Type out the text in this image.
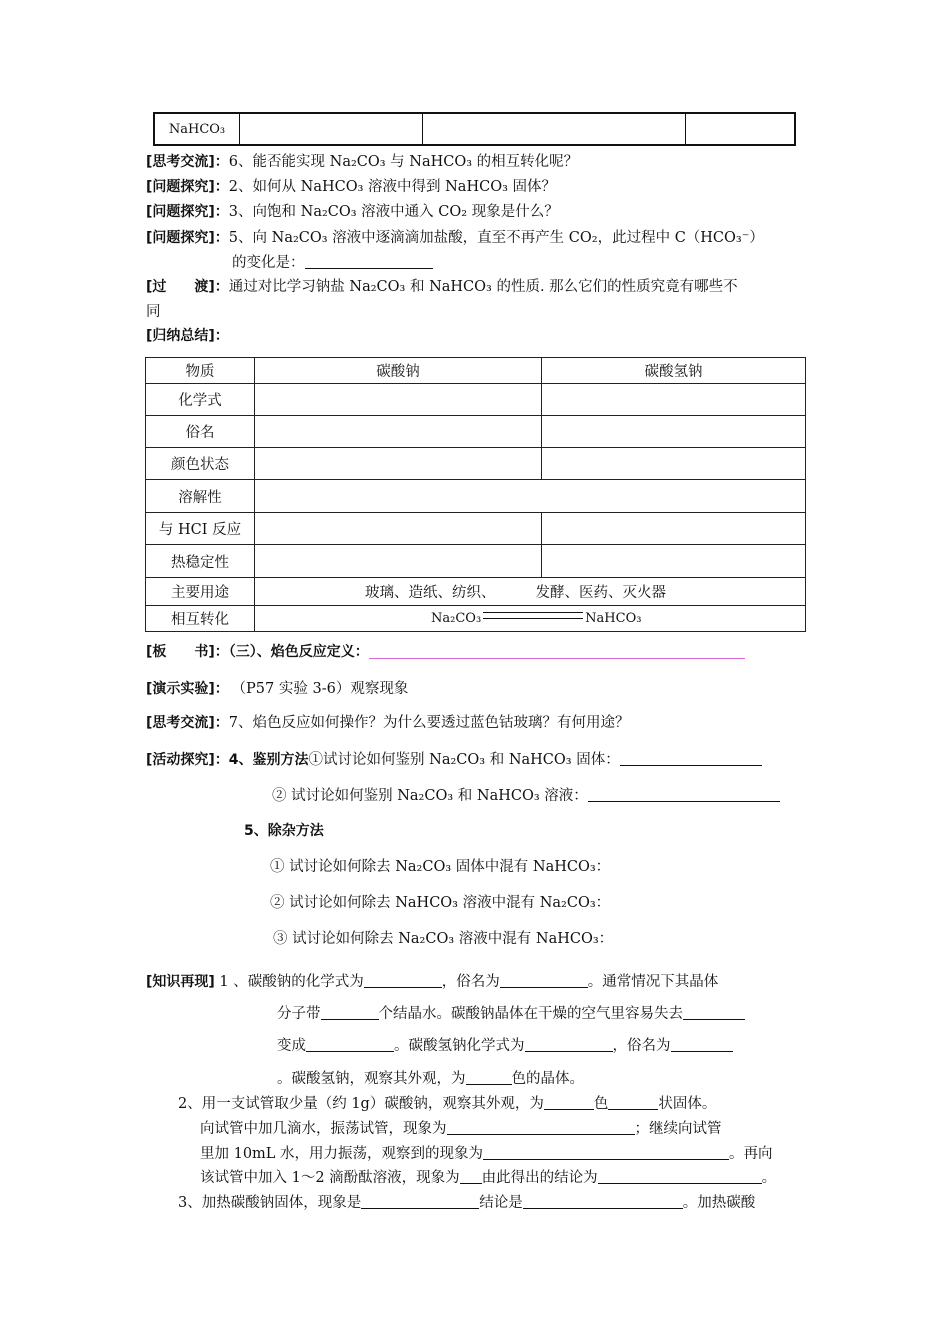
NaHCO₃			
[思考交流]：6、能否能实现 Na₂CO₃ 与 NaHCO₃ 的相互转化呢？
[问题探究]：2、如何从 NaHCO₃ 溶液中得到 NaHCO₃ 固体？
[问题探究]：3、向饱和 Na₂CO₃ 溶液中通入 CO₂ 现象是什么？
[问题探究]：5、向 Na₂CO₃ 溶液中逐滴滴加盐酸，直至不再产生 CO₂，此过程中 C（HCO₃⁻）
的变化是：
[过　　渡]：通过对比学习钠盐 Na₂CO₃ 和 NaHCO₃ 的性质. 那么它们的性质究竟有哪些不
同
[归纳总结]：
物质	碳酸钠	碳酸氢钠
化学式		
俗名		
颜色状态		
溶解性		
与 HCI 反应		
热稳定性		
主要用途	玻璃、造纸、纺织、 发酵、医药、灭火器	
相互转化	Na₂CO₃ NaHCO₃	
[板　　书]：（三）、焰色反应定义：
[演示实验]： （P57 实验 3-6）观察现象
[思考交流]：7、焰色反应如何操作？为什么要透过蓝色钴玻璃？有何用途？
[活动探究]：4、鉴别方法①试讨论如何鉴别 Na₂CO₃ 和 NaHCO₃ 固体：
② 试讨论如何鉴别 Na₂CO₃ 和 NaHCO₃ 溶液：
5、除杂方法
① 试讨论如何除去 Na₂CO₃ 固体中混有 NaHCO₃：
② 试讨论如何除去 NaHCO₃ 溶液中混有 Na₂CO₃：
③ 试讨论如何除去 Na₂CO₃ 溶液中混有 NaHCO₃：
[知识再现] 1 、碳酸钠的化学式为	，俗名为	。通常情况下其晶体
分子带	个结晶水。碳酸钠晶体在干燥的空气里容易失去
变成	。碳酸氢钠化学式为	，俗名为
。碳酸氢钠，观察其外观，为	色的晶体。
2、用一支试管取少量（约 1g）碳酸钠，观察其外观，为	色	状固体。
向试管中加几滴水，振荡试管，现象为	；继续向试管
里加 10mL 水，用力振荡，观察到的现象为	。再向
该试管中加入 1～2 滴酚酞溶液，现象为 由此得出的结论为	。
3、加热碳酸钠固体，现象是	结论是	。加热碳酸
